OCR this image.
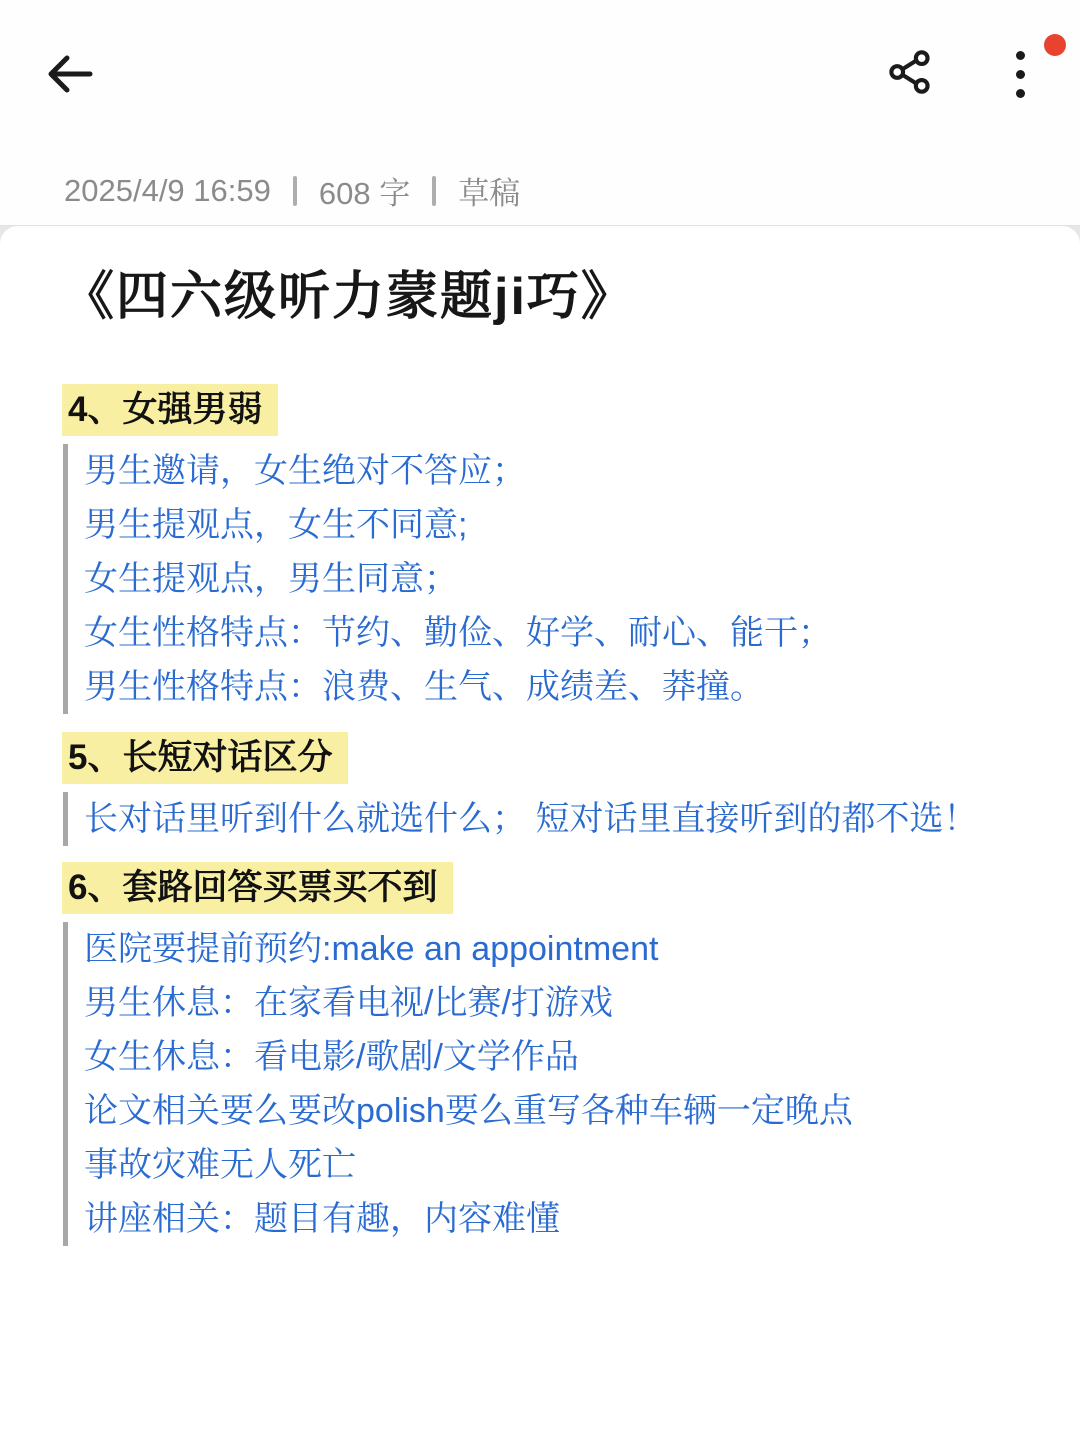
2025/4/9 16:59 608 字 草稿
《四六级听力蒙题ji巧》
4、女强男弱
男生邀请，女生绝对不答应；
男生提观点，女生不同意;
女生提观点，男生同意；
女生性格特点：节约、勤俭、好学、耐心、能干；
男生性格特点：浪费、生气、成绩差、莽撞。
5、长短对话区分
长对话里听到什么就选什么； 短对话里直接听到的都不选！
6、套路回答买票买不到
医院要提前预约:make an appointment
男生休息：在家看电视/比赛/打游戏
女生休息：看电影/歌剧/文学作品
论文相关要么要改polish要么重写各种车辆一定晚点
事故灾难无人死亡
讲座相关：题目有趣，内容难懂
